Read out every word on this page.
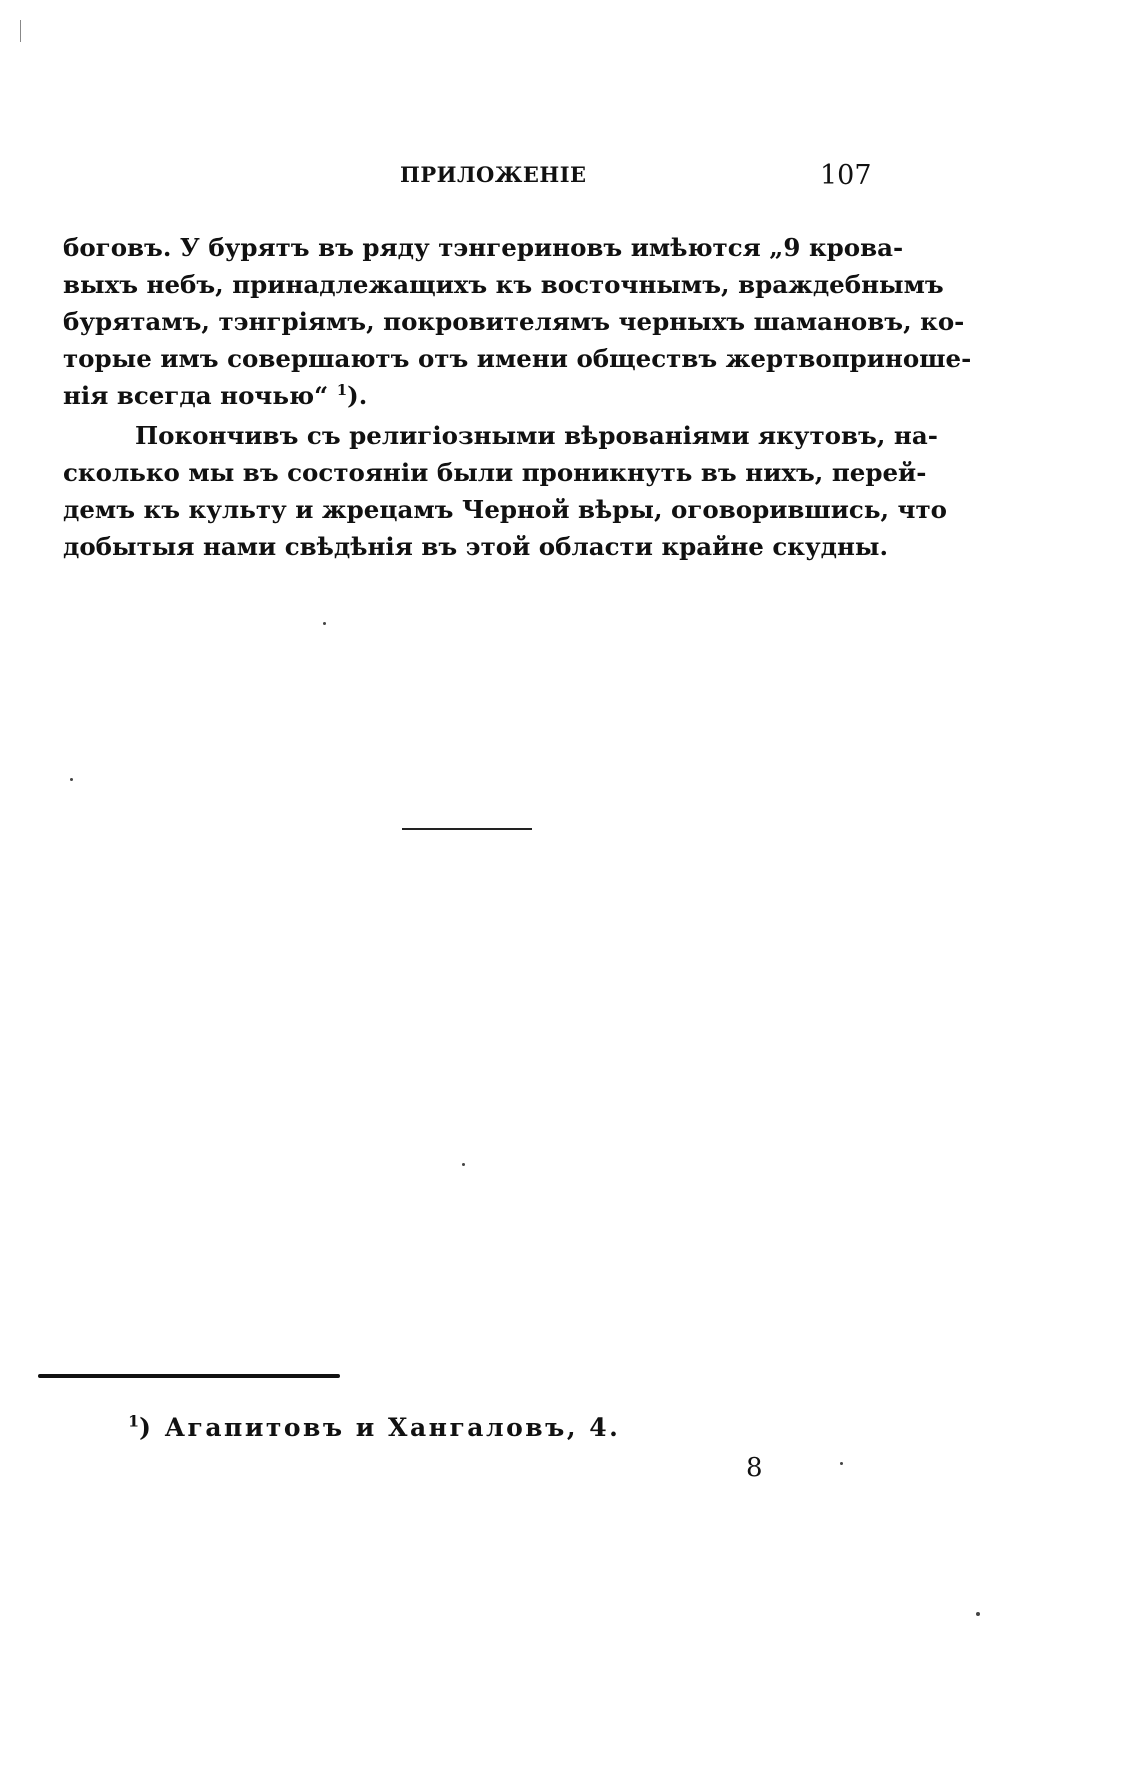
ПРИЛОЖЕНІЕ	107
боговъ. У бурятъ въ ряду тэнгериновъ имѣются „9 крова-
выхъ небъ, принадлежащихъ къ восточнымъ, враждебнымъ
бурятамъ, тэнгріямъ, покровителямъ черныхъ шамановъ, ко-
торые имъ совершаютъ отъ имени обществъ жертвоприноше-
нія всегда ночью“ $^1$).
Покончивъ съ религіозными вѣрованіями якутовъ, на-
сколько мы въ состояніи были проникнуть въ нихъ, перей-
демъ къ культу и жрецамъ Черной вѣры, оговорившись, что
добытыя нами свѣдѣнія въ этой области крайне скудны.
$^1$) Агапитовъ и Хангаловъ, 4.
8
